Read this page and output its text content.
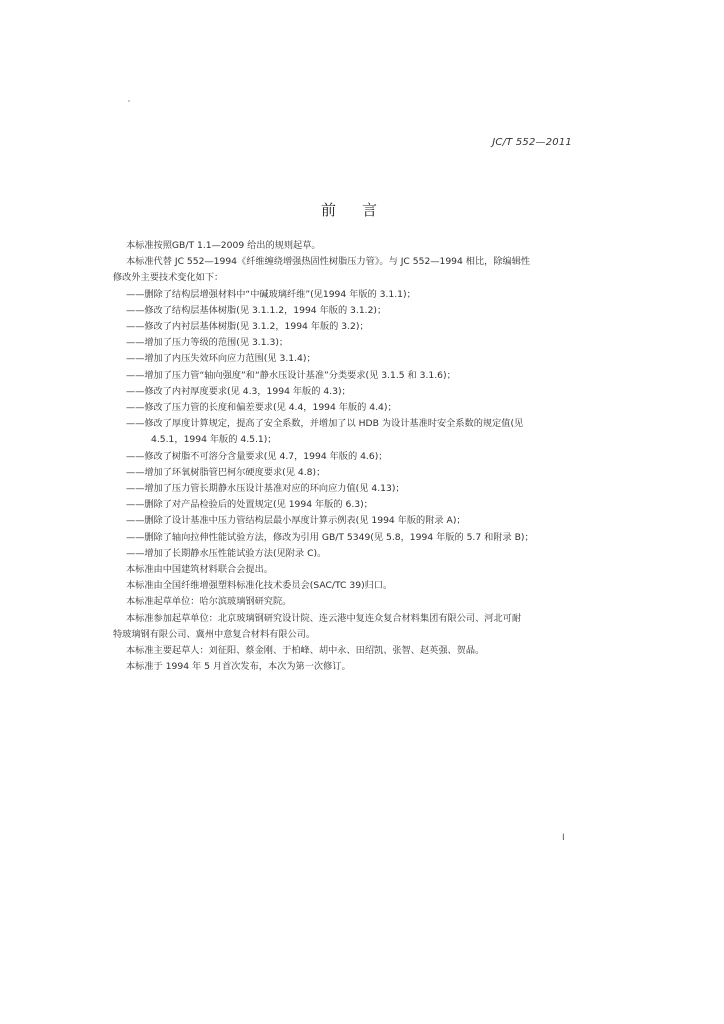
JC/T 552—2011
前言

本标准按照GB/T 1.1—2009 给出的规则起草。

本标准代替 JC 552—1994《纤维缠绕增强热固性树脂压力管》。与 JC 552—1994 相比，除编辑性

修改外主要技术变化如下：

——删除了结构层增强材料中“中碱玻璃纤维”(见1994 年版的 3.1.1)；

——修改了结构层基体树脂(见 3.1.1.2，1994 年版的 3.1.2)；

——修改了内衬层基体树脂(见 3.1.2，1994 年版的 3.2)；

——增加了压力等级的范围(见 3.1.3)；

——增加了内压失效环向应力范围(见 3.1.4)；

——增加了压力管“轴向强度”和“静水压设计基准”分类要求(见 3.1.5 和 3.1.6)；

——修改了内衬厚度要求(见 4.3，1994 年版的 4.3)；

——修改了压力管的长度和偏差要求(见 4.4，1994 年版的 4.4)；

——修改了厚度计算规定，提高了安全系数，并增加了以 HDB 为设计基准时安全系数的规定值(见

4.5.1，1994 年版的 4.5.1)；

——修改了树脂不可溶分含量要求(见 4.7，1994 年版的 4.6)；

——增加了环氧树脂管巴柯尔硬度要求(见 4.8)；

——增加了压力管长期静水压设计基准对应的环向应力值(见 4.13)；

——删除了对产品检验后的处置规定(见 1994 年版的 6.3)；

——删除了设计基准中压力管结构层最小厚度计算示例表(见 1994 年版的附录 A)；

——删除了轴向拉伸性能试验方法，修改为引用 GB/T 5349(见 5.8，1994 年版的 5.7 和附录 B)；

——增加了长期静水压性能试验方法(见附录 C)。

本标准由中国建筑材料联合会提出。

本标准由全国纤维增强塑料标准化技术委员会(SAC/TC 39)归口。

本标准起草单位：哈尔滨玻璃钢研究院。

本标准参加起草单位：北京玻璃钢研究设计院、连云港中复连众复合材料集团有限公司、河北可耐

特玻璃钢有限公司、冀州中意复合材料有限公司。

本标准主要起草人：刘征阳、蔡金刚、于柏峰、胡中永、田绍凯、张智、赵英强、贺晶。

本标准于 1994 年 5 月首次发布，本次为第一次修订。

I
